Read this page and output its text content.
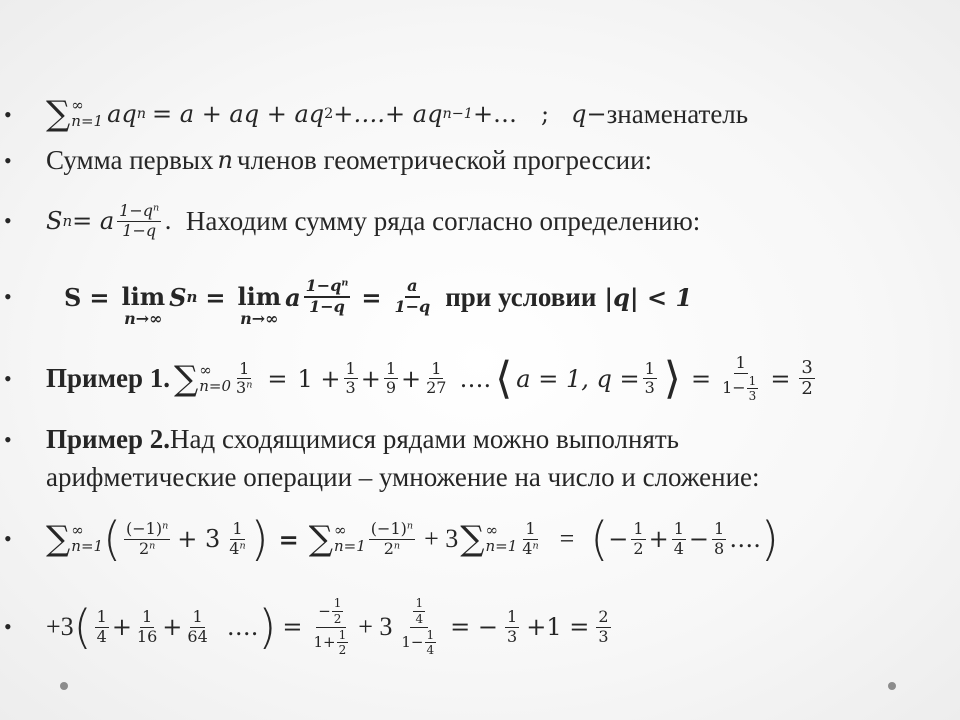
• ∑ ∞
n=1 aq n = a + aq + aq 2 +….+ aq n−1 +… ; q − знаменатель
• Сумма первых n членов геометрической прогрессии:
• S n = a $\frac{1-q^n}{1-q}$ . Находим сумму ряда согласно определению:
• S = lim
n→∞
S n = lim
n→∞
a $\frac{1-q^n}{1-q} = \frac{a}{1-q}$ при условии |q| < 1
• Пример 1. ∑ ∞
$n=0 \frac{1}{3^n} = 1 + \frac{1}{3} + \frac{1}{9} + \frac{1}{27}$ …. ⟨ a = 1, $q = \frac{1}{3}$ ⟩ = $\frac{1}{1- \frac{1}{3}} = \frac{3}{2}$
• Пример 2. Над сходящимися рядами можно выполнять
арифметические операции – умножение на число и сложение:
• ∑ ∞
n=1 ( $\frac{(-1)^n}{2^n} + 3 \frac{1}{4^n}$ ) = ∑ ∞
$n=1 \frac{(-1)^n}{2^n} + 3$ ∑ ∞
$n=1 \frac{1}{4^n}$ = ( − $\frac{1}{2} + \frac{1}{4} - \frac{1}{8}$ …. )
• +3 ( $\frac{1}{4} + \frac{1}{16} + \frac{1}{64}$ …. ) = $\frac{- \frac{1}{2}}{1+ \frac{1}{2}} + 3 \frac{\frac{1}{4}}{1- \frac{1}{4}}$ = − $\frac{1}{3} +1 = \frac{2}{3}$
